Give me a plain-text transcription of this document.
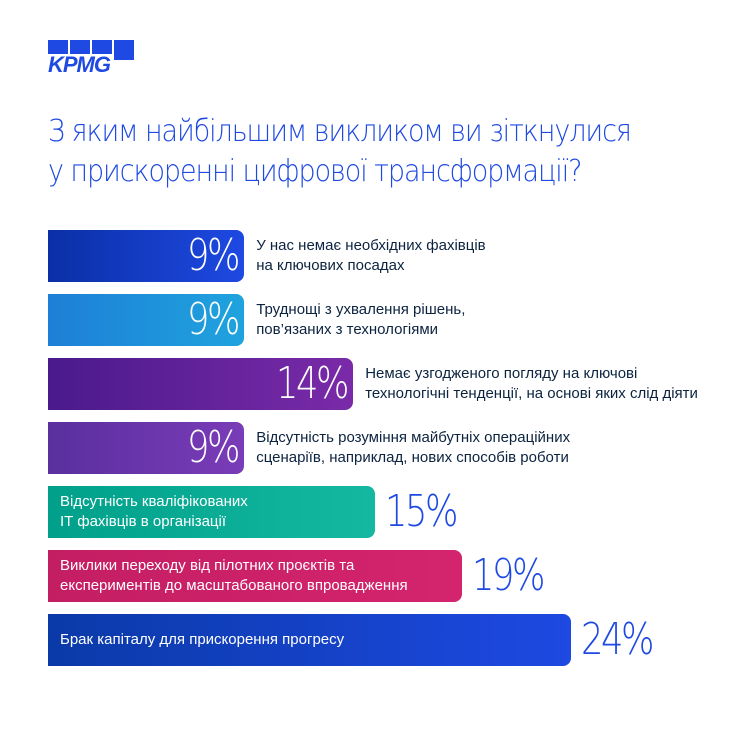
KPMG
З яким найбільшим викликом ви зіткнулися
у прискоренні цифрової трансформації?
У нас немає необхідних фахівців
на ключових посадах
9%
Труднощі з ухвалення рішень,
пов’язаних з технологіями
9%
Немає узгодженого погляду на ключові
технологічні тенденції, на основі яких слід діяти
14%
Відсутність розуміння майбутніх операційних
сценаріїв, наприклад, нових способів роботи
9%
Відсутність кваліфікованих
IT фахівців в організації	15%
Виклики переходу від пілотних проєктів та
експериментів до масштабованого впровадження 19%
Брак капіталу для прискорення прогресу	24%
